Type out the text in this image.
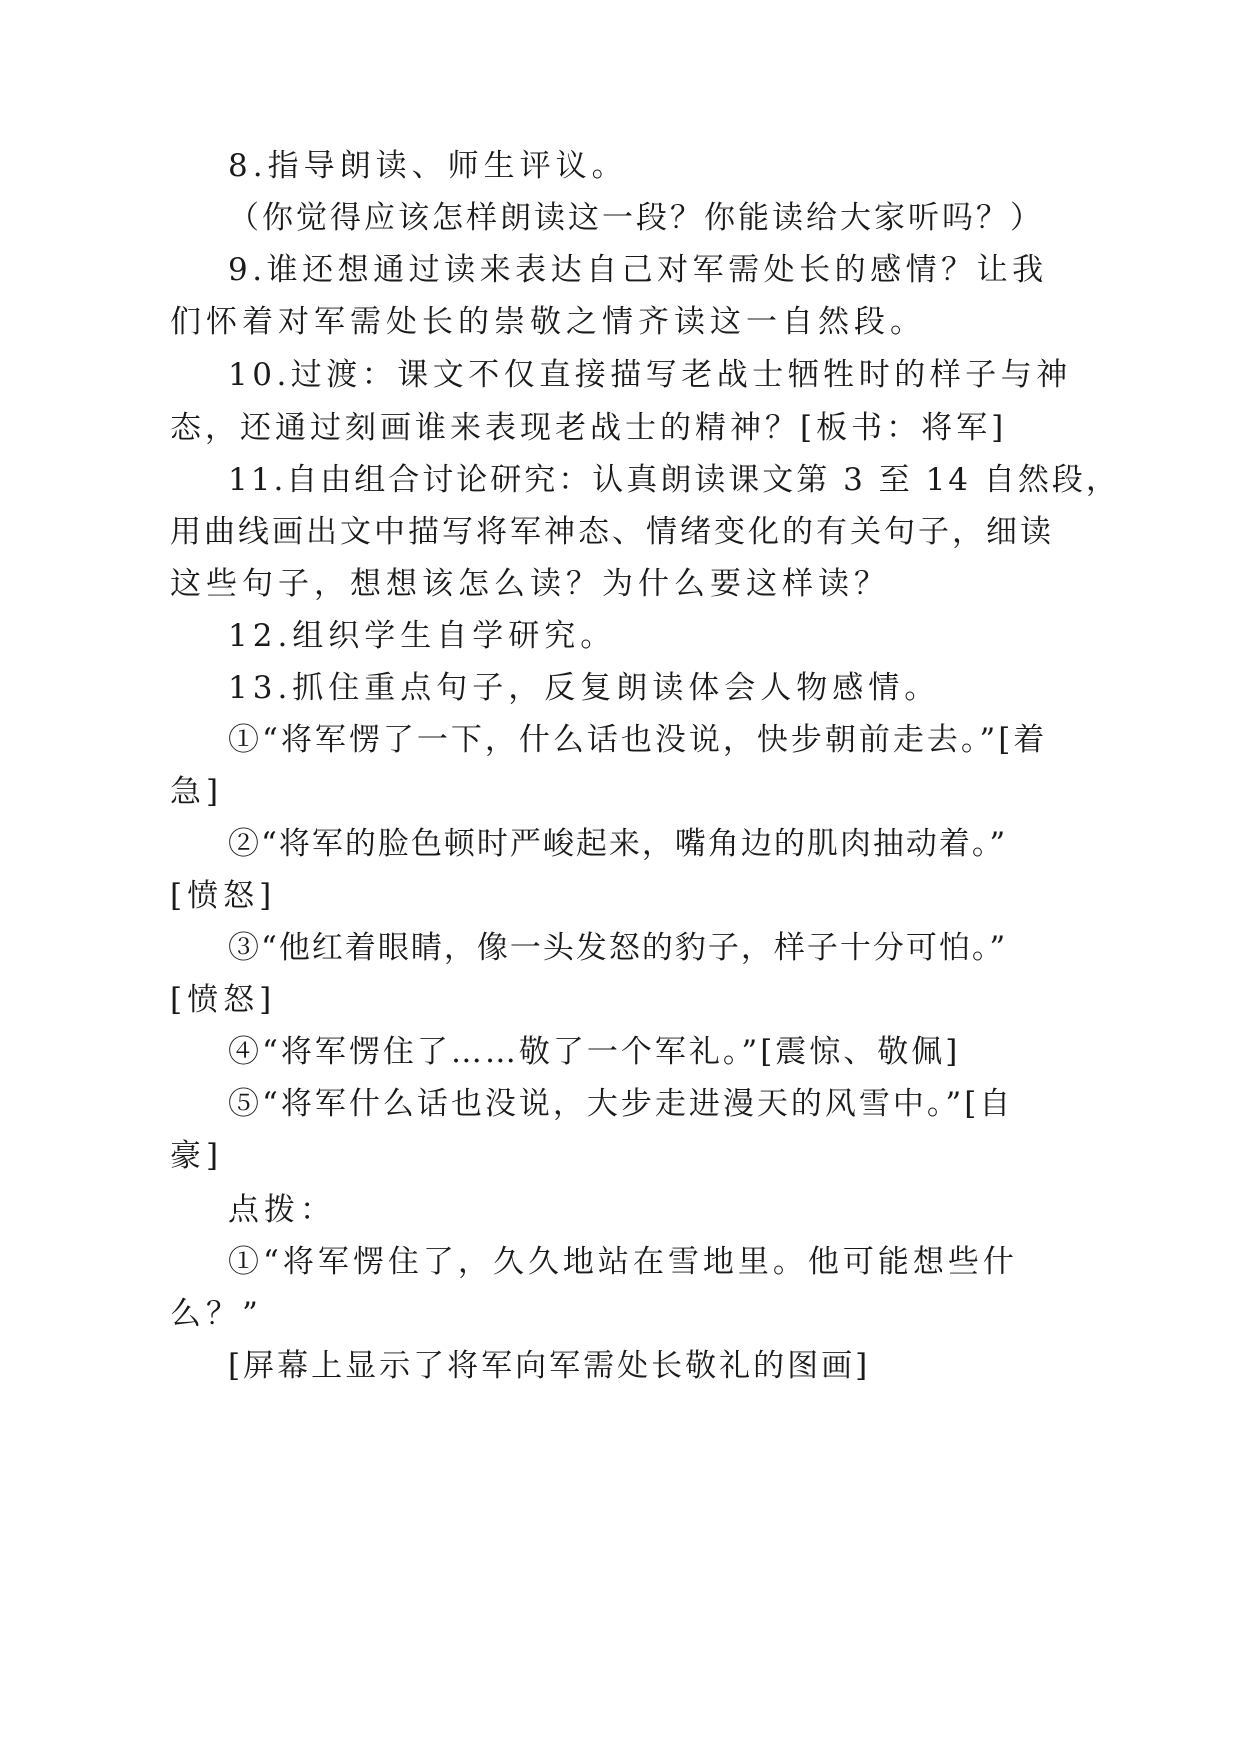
8.指导朗读、师生评议。
（你觉得应该怎样朗读这一段？你能读给大家听吗？）
9.谁还想通过读来表达自己对军需处长的感情？让我
们怀着对军需处长的崇敬之情齐读这一自然段。
10.过渡：课文不仅直接描写老战士牺牲时的样子与神
态，还通过刻画谁来表现老战士的精神？[板书：将军]
11.自由组合讨论研究：认真朗读课文第 3 至 14 自然段，
用曲线画出文中描写将军神态、情绪变化的有关句子，细读
这些句子，想想该怎么读？为什么要这样读？
12.组织学生自学研究。
13.抓住重点句子，反复朗读体会人物感情。
①“将军愣了一下，什么话也没说，快步朝前走去。”[着
急]
②“将军的脸色顿时严峻起来，嘴角边的肌肉抽动着。”
[愤怒]
③“他红着眼睛，像一头发怒的豹子，样子十分可怕。”
[愤怒]
④“将军愣住了……敬了一个军礼。”[震惊、敬佩]
⑤“将军什么话也没说，大步走进漫天的风雪中。”[自
豪]
点拨：
①“将军愣住了，久久地站在雪地里。他可能想些什
么？”
[屏幕上显示了将军向军需处长敬礼的图画]
